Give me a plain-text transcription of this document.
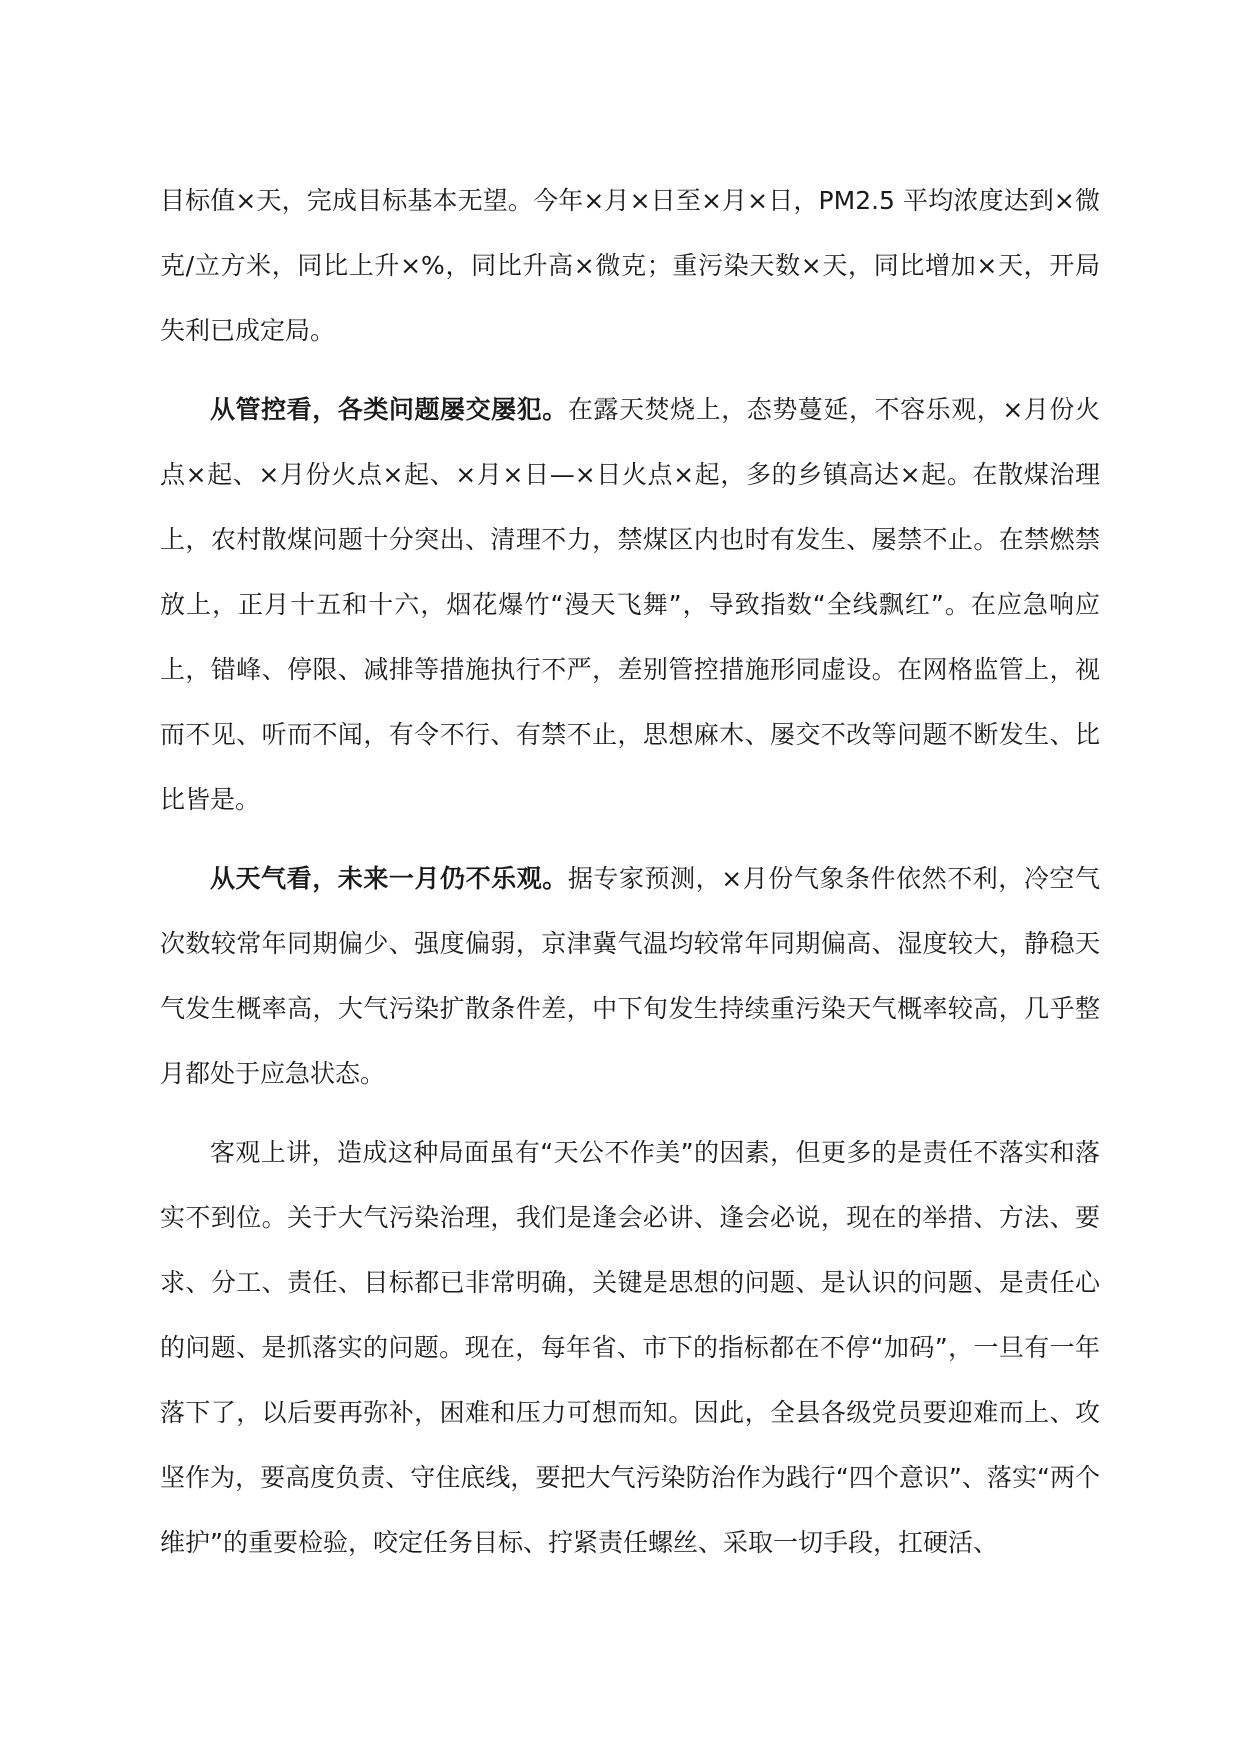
目标值×天，完成目标基本无望。今年×月×日至×月×日，PM2.5 平均浓度达到×微克/立方米，同比上升×%，同比升高×微克；重污染天数×天，同比增加×天，开局失利已成定局。

从管控看，各类问题屡交屡犯。在露天焚烧上，态势蔓延，不容乐观，×月份火点×起、×月份火点×起、×月×日—×日火点×起，多的乡镇高达×起。在散煤治理上，农村散煤问题十分突出、清理不力，禁煤区内也时有发生、屡禁不止。在禁燃禁放上，正月十五和十六，烟花爆竹“漫天飞舞”，导致指数“全线飘红”。在应急响应上，错峰、停限、减排等措施执行不严，差别管控措施形同虚设。在网格监管上，视而不见、听而不闻，有令不行、有禁不止，思想麻木、屡交不改等问题不断发生、比比皆是。

从天气看，未来一月仍不乐观。据专家预测，×月份气象条件依然不利，冷空气次数较常年同期偏少、强度偏弱，京津冀气温均较常年同期偏高、湿度较大，静稳天气发生概率高，大气污染扩散条件差，中下旬发生持续重污染天气概率较高，几乎整月都处于应急状态。

客观上讲，造成这种局面虽有“天公不作美”的因素，但更多的是责任不落实和落实不到位。关于大气污染治理，我们是逢会必讲、逢会必说，现在的举措、方法、要求、分工、责任、目标都已非常明确，关键是思想的问题、是认识的问题、是责任心的问题、是抓落实的问题。现在，每年省、市下的指标都在不停“加码”，一旦有一年落下了，以后要再弥补，困难和压力可想而知。因此，全县各级党员要迎难而上、攻坚作为，要高度负责、守住底线，要把大气污染防治作为践行“四个意识”、落实“两个维护”的重要检验，咬定任务目标、拧紧责任螺丝、采取一切手段，扛硬活、
